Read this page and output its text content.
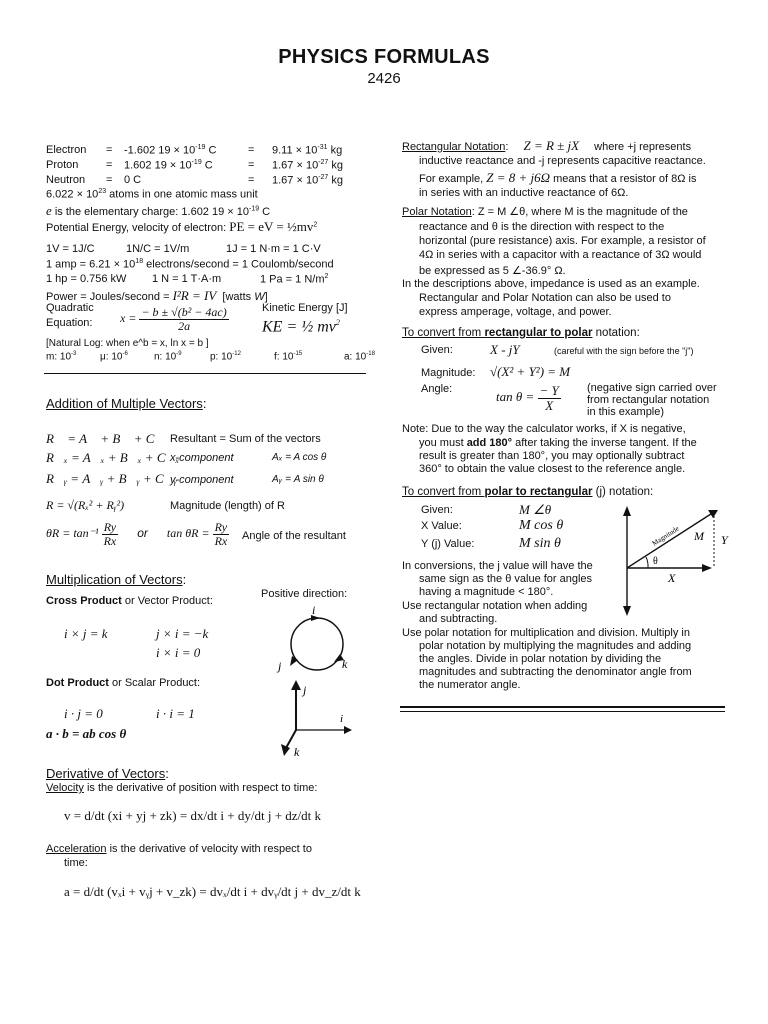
PHYSICS FORMULAS
2426
Electron = -1.602 $19 \times 10^{-19}$ C	= $9.11 \times 10^{-31}$ kg
Proton	= 1.602 $19 \times 10^{-19}$ C	= $1.67 \times 10^{-27}$ kg
Neutron = 0 C	= $1.67 \times 10^{-27}$ kg
$6.022 \times 10^{23}$ atoms in one atomic mass unit
e is the elementary charge: 1.602 $19 \times 10^{-19}$ C
Potential Energy, velocity of electron: PE = eV = $\frac{1}{2}mv^2$
1V = 1J/C	1N/C = 1V/m	1J = 1 N·m = 1 C·V
1 amp = $6.21 \times 10^{18}$ electrons/second = 1 Coulomb/second
1 hp = 0.756 kW 1 N = 1 T·A·m	1 Pa = 1 $N/m^2$
Power = Joules/second = I²R = IV [watts W]
Quadratic
Equation: $x = \frac{\text{− b ± √(b² − 4ac)}}{2a}$	Kinetic Energy [J]
KE = ½ $mv^2$
[Natural Log: when e^b = x, ln x = b ]
m: $10^{-3}$ μ: $10^{-6}$	n: $10^{-9}$	p: $10^{-12}$	f: $10^{-15}$	a: $10^{-18}$
Addition of Multiple Vectors:
R⃗ = A⃗ + B⃗ + C⃗ Resultant = Sum of the vectors
R⃗ₓ = A⃗ₓ + B⃗ₓ + C⃗ₓ
x-component	Aₓ = A cos θ
R⃗ᵧ = A⃗ᵧ + B⃗ᵧ + C⃗ᵧ
y-component	Aᵧ = A sin θ
R = √(Rₓ² + Rᵧ²)	Magnitude (length) of R
$\theta R = \tan^{-1} \frac{Ry}{Rx}$ or $\tan \theta R = \frac{Ry}{Rx}$ Angle of the resultant
Multiplication of Vectors:
Cross Product or Vector Product:
Positive direction:
i × j = k	j × i = −k
i × i = 0
i
j	k
Dot Product or Scalar Product:
i · j = 0	i · i = 1
a · b = ab cos θ
j
i
k
Derivative of Vectors:
Velocity is the derivative of position with respect to time:
v = d/dt (xi + yj + zk) = dx/dt i + dy/dt j + dz/dt k
Acceleration is the derivative of velocity with respect to
time:
a = d/dt (vₓi + vᵧj + v_zk) = dvₓ/dt i + dvᵧ/dt j + dv_z/dt k
Rectangular Notation: Z = R ± jX where +j represents
inductive reactance and -j represents capacitive reactance.
For example, Z = 8 + j6Ω means that a resistor of 8Ω is
in series with an inductive reactance of 6Ω.
Polar Notation: Z = M ∠θ, where M is the magnitude of the
reactance and θ is the direction with respect to the
horizontal (pure resistance) axis. For example, a resistor of
4Ω in series with a capacitor with a reactance of 3Ω would
be expressed as 5 ∠-36.9° Ω.
In the descriptions above, impedance is used as an example.
Rectangular and Polar Notation can also be used to
express amperage, voltage, and power.
To convert from rectangular to polar notation:
Given:	X - jY	(careful with the sign before the "j")
Magnitude: √(X² + Y²) = M
Angle:
$\tan \theta = \frac{- Y}{X}$ (negative sign carried over
from rectangular notation
in this example)
Note: Due to the way the calculator works, if X is negative,
you must add 180° after taking the inverse tangent. If the
result is greater than 180°, you may optionally subtract
360° to obtain the value closest to the reference angle.
To convert from polar to rectangular (j) notation:
Given:	M ∠θ
X Value:	M cos θ
Y (j) Value:	M sin θ	Magnitude M Y
X
θ
In conversions, the j value will have the
same sign as the θ value for angles
having a magnitude < 180°.
Use rectangular notation when adding
and subtracting.
Use polar notation for multiplication and division. Multiply in
polar notation by multiplying the magnitudes and adding
the angles. Divide in polar notation by dividing the
magnitudes and subtracting the denominator angle from
the numerator angle.
